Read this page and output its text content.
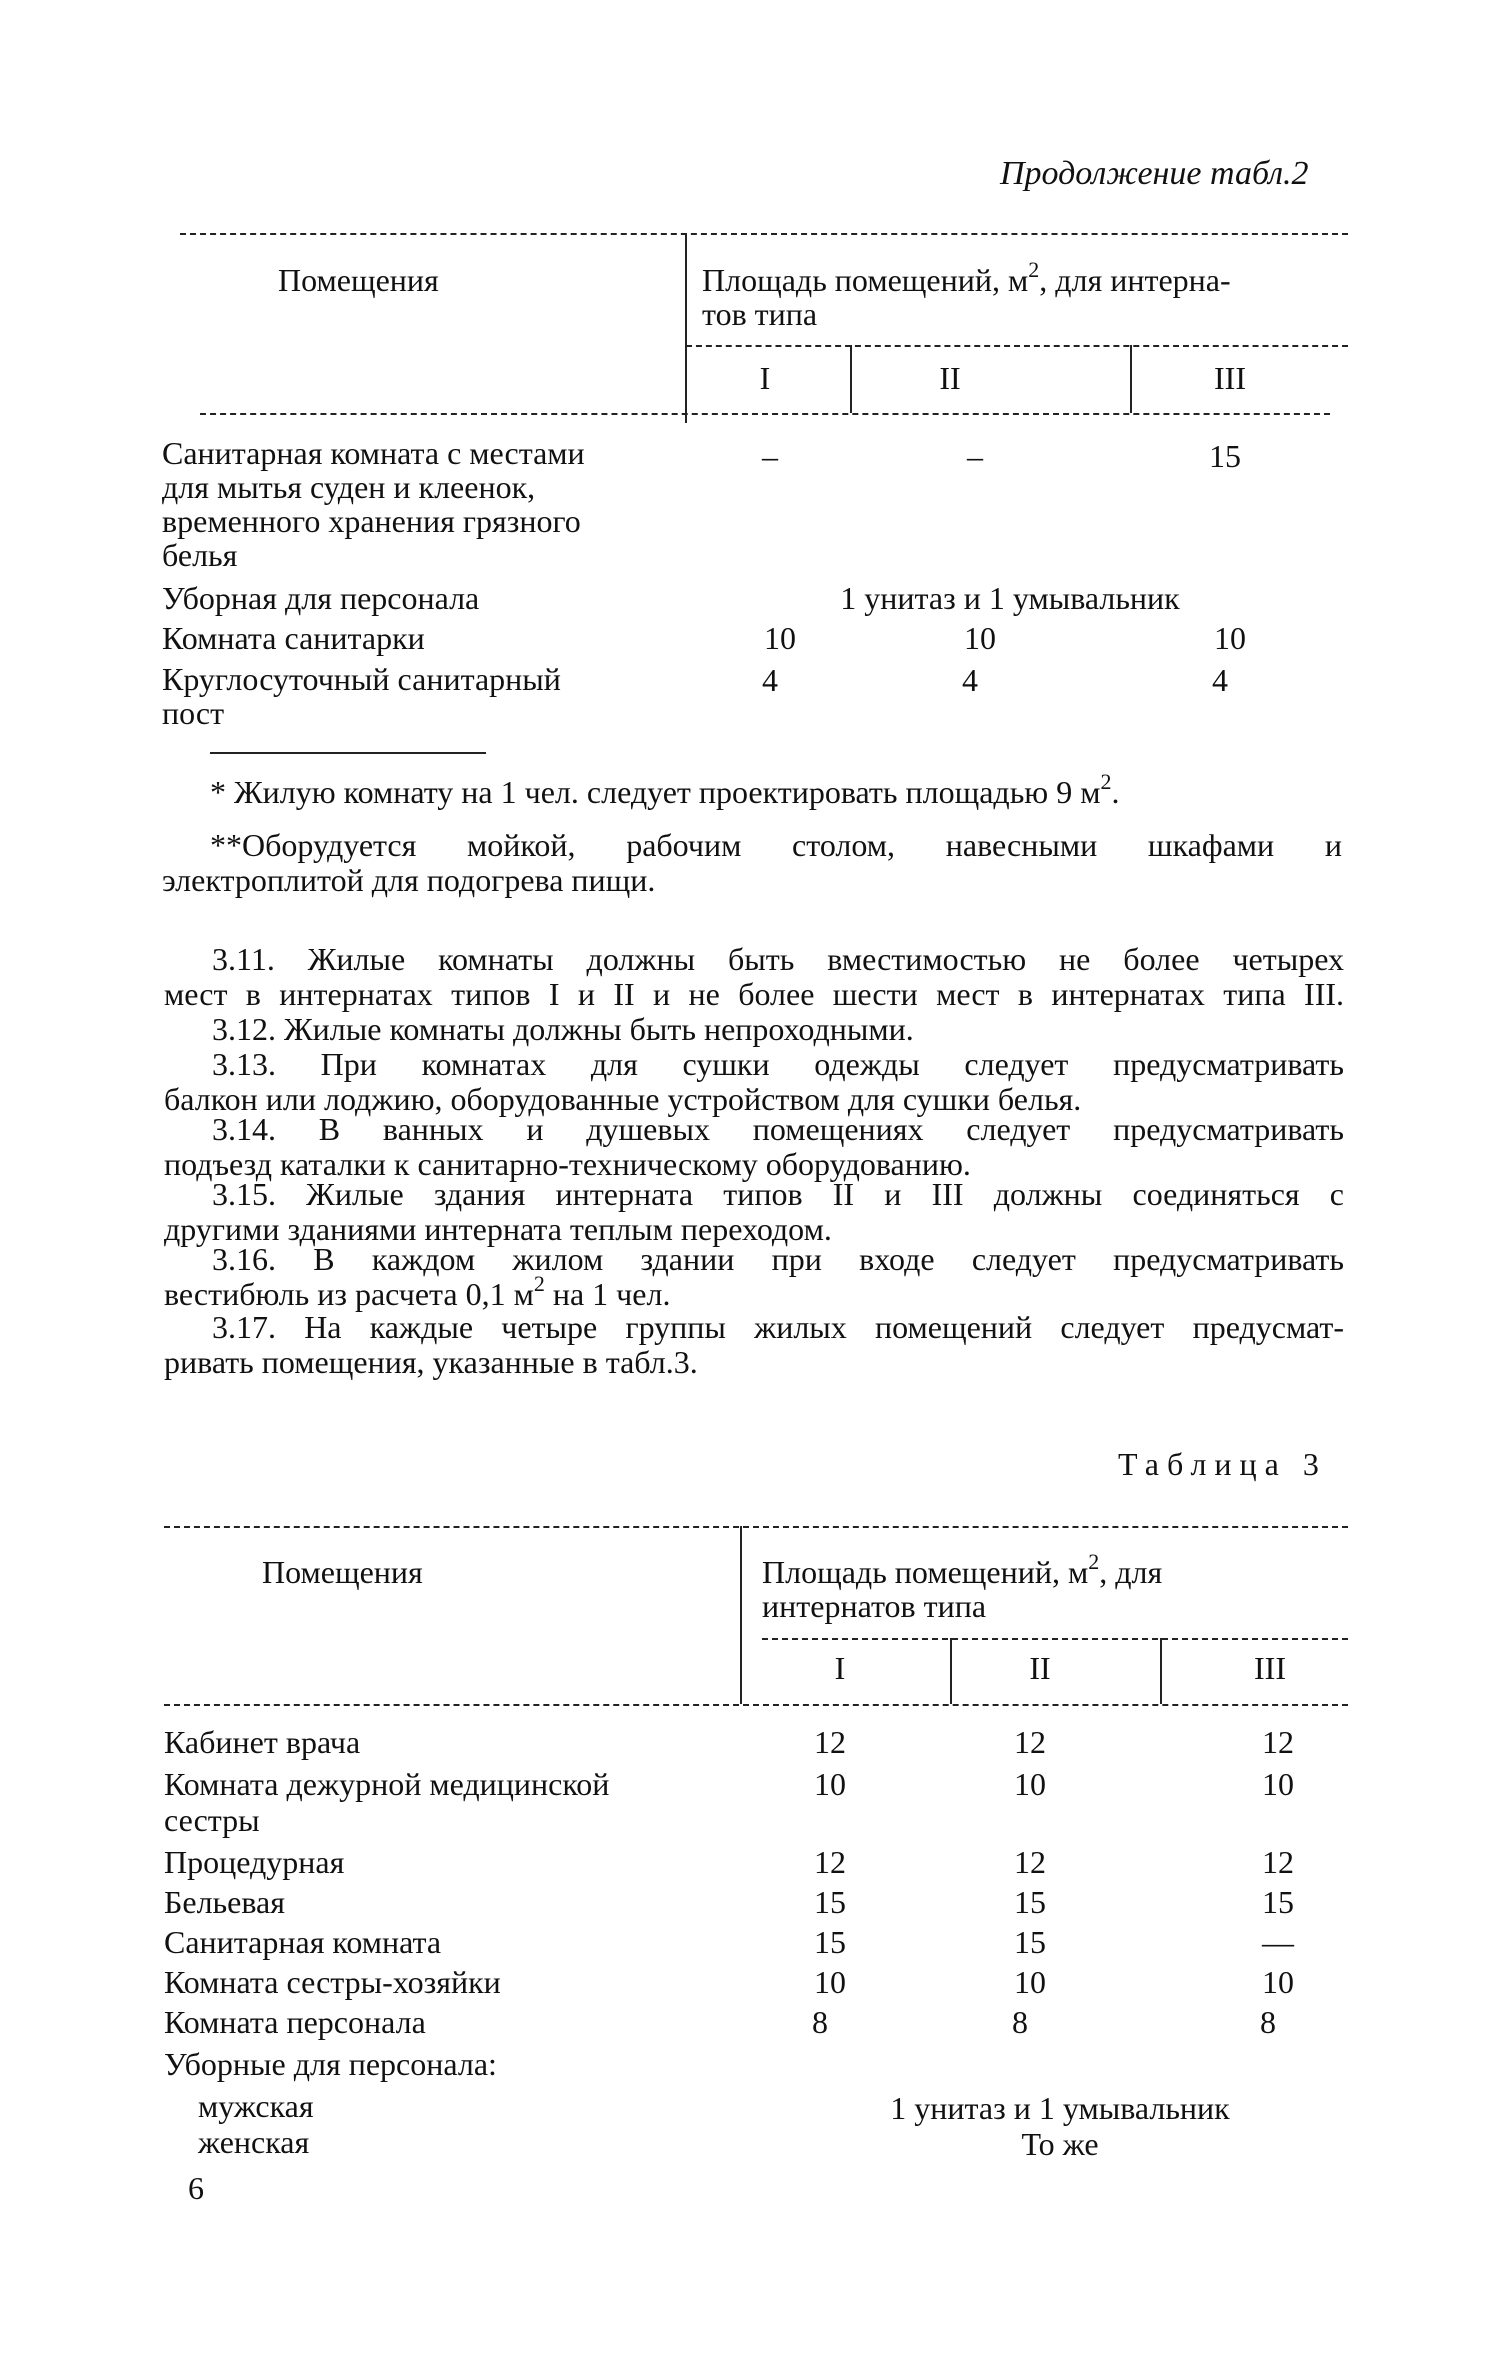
Продолжение табл.2
Помещения	Площадь помещений, $м^2$, для интерна-
тов типа
I	II	III
Санитарная комната с местами
для мытья суден и клеенок,
временного хранения грязного
белья
–	–	15
Уборная для персонала	1 унитаз и 1 умывальник
Комната санитарки	10	10	10
Круглосуточный санитарный
пост
4	4	4
* Жилую комнату на 1 чел. следует проектировать площадью 9 $м^2$.
**Оборудуется мойкой, рабочим столом, навесными шкафами и
электроплитой для подогрева пищи.
3.11. Жилые комнаты должны быть вместимостью не более четырех
мест в интернатах типов I и II и не более шести мест в интернатах типа III.
3.12. Жилые комнаты должны быть непроходными.
3.13. При комнатах для сушки одежды следует предусматривать
балкон или лоджию, оборудованные устройством для сушки белья.
3.14. В ванных и душевых помещениях следует предусматривать
подъезд каталки к санитарно-техническому оборудованию.
3.15. Жилые здания интерната типов II и III должны соединяться с
другими зданиями интерната теплым переходом.
3.16. В каждом жилом здании при входе следует предусматривать
вестибюль из расчета 0,1 $м^2$ на 1 чел.
3.17. На каждые четыре группы жилых помещений следует предусмат-
ривать помещения, указанные в табл.3.
Таблица 3
Помещения	Площадь помещений, $м^2$, для
интернатов типа
I	II	III
Кабинет врача	12	12	12
Комната дежурной медицинской
сестры
10	10	10
Процедурная	12	12	12
Бельевая	15	15	15
Санитарная комната	15	15	—
Комната сестры-хозяйки	10	10	10
Комната персонала	8	8	8
Уборные для персонала:
мужская	1 унитаз и 1 умывальник
женская	То же
6
